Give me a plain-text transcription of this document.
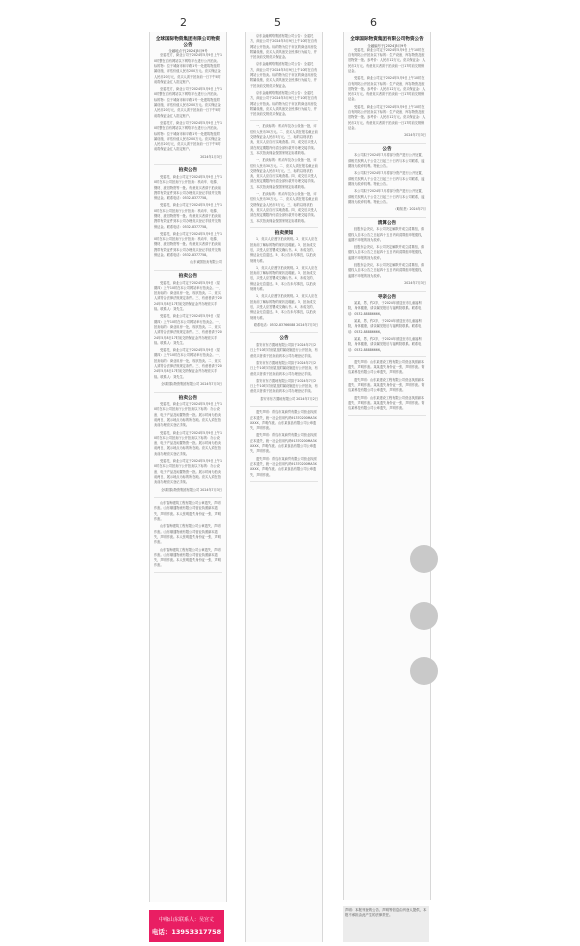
2	5	6
全球国际物资集团有限公司物资公告
全融地点于[2024]5月9号

至委托方，商业公司于2024年5月9日上午10时整在自有网站以下网络平台进行公开拍卖。标的物：位于城南市和平路1号一处建筑物及附属设施，评估价值人民币200万元。竞买保证金人民币20万元，竞买人须于拍卖前一日下午5时前将保证金汇入指定账户。

至委托方，商业公司于2024年5月9日上午10时整在自有网站以下网络平台进行公开拍卖。标的物：位于城南市和平路1号一处建筑物及附属设施，评估价值人民币200万元。竞买保证金人民币20万元，竞买人须于拍卖前一日下午5时前将保证金汇入指定账户。

至委托方，商业公司于2024年5月9日上午10时整在自有网站以下网络平台进行公开拍卖。标的物：位于城南市和平路1号一处建筑物及附属设施，评估价值人民币200万元。竞买保证金人民币20万元，竞买人须于拍卖前一日下午5时前将保证金汇入指定账户。

2024年1月3日
拍卖公告

受委托，商业公司定于2024年5月9日上午10时在本公司拍卖厅公开拍卖：机动车、电梯、钢材、废旧物资等一批。有意竞买者请于拍卖前携带有效证件到本公司办理竞买登记手续并交纳保证金。联系电话：0532-8377758。

受委托，商业公司定于2024年5月9日上午10时在本公司拍卖厅公开拍卖：机动车、电梯、钢材、废旧物资等一批。有意竞买者请于拍卖前携带有效证件到本公司办理竞买登记手续并交纳保证金。联系电话：0532-8377758。

受委托，商业公司定于2024年5月9日上午10时在本公司拍卖厅公开拍卖：机动车、电梯、钢材、废旧物资等一批。有意竞买者请于拍卖前携带有效证件到本公司办理竞买登记手续并交纳保证金。联系电话：0532-8377758。

山东诚国拍卖有限公司
拍卖公告

受委托，商业公司定于2024年5月9日（星期四）上午10时在本公司网站举行拍卖会。一、拍卖标的：商业用房一处，现状拍卖。二、竞买人须符合法律法规规定条件。三、有意者请于2024年5月8日17时前交纳保证金并办理竞买手续。联系人：刘先生。

受委托，商业公司定于2024年5月9日（星期四）上午10时在本公司网站举行拍卖会。一、拍卖标的：商业用房一处，现状拍卖。二、竞买人须符合法律法规规定条件。三、有意者请于2024年5月8日17时前交纳保证金并办理竞买手续。联系人：刘先生。

受委托，商业公司定于2024年5月9日（星期四）上午10时在本公司网站举行拍卖会。一、拍卖标的：商业用房一处，现状拍卖。二、竞买人须符合法律法规规定条件。三、有意者请于2024年5月8日17时前交纳保证金并办理竞买手续。联系人：刘先生。

全球国际物资集团有限公司 2024年7月3日
拍卖公告

受委托，商业公司定于2024年5月9日上午10时在本公司拍卖厅公开拍卖以下标的：办公设备、电子产品及闲置物资一批。展示时间为拍卖前两日，展示地点为标的所在地。竞买人须在拍卖前办理竞买登记手续。

受委托，商业公司定于2024年5月9日上午10时在本公司拍卖厅公开拍卖以下标的：办公设备、电子产品及闲置物资一批。展示时间为拍卖前两日，展示地点为标的所在地。竞买人须在拍卖前办理竞买登记手续。

受委托，商业公司定于2024年5月9日上午10时在本公司拍卖厅公开拍卖以下标的：办公设备、电子产品及闲置物资一批。展示时间为拍卖前两日，展示地点为标的所在地。竞买人须在拍卖前办理竞买登记手续。

全球国际物资集团有限公司 2024年7月3日

山东智海建筑工程有限公司公章遗失，声明作废。山东顺通物流有限公司营业执照副本遗失，声明作废。本人张明遗失身份证一张，声明作废。

山东智海建筑工程有限公司公章遗失，声明作废。山东顺通物流有限公司营业执照副本遗失，声明作废。本人张明遗失身份证一张，声明作废。

山东智海建筑工程有限公司公章遗失，声明作废。山东顺通物流有限公司营业执照副本遗失，声明作废。本人张明遗失身份证一张，声明作废。

京东金融网络集团有限公司公告：全委托方，商业公司于2024年5月9日上午10时在自有网站公开拍卖。标的物为位于市区的商业用房及附属设施，竞买人须具备完全民事行为能力，并于拍卖前交纳竞买保证金。

京东金融网络集团有限公司公告：全委托方，商业公司于2024年5月9日上午10时在自有网站公开拍卖。标的物为位于市区的商业用房及附属设施，竞买人须具备完全民事行为能力，并于拍卖前交纳竞买保证金。

京东金融网络集团有限公司公告：全委托方，商业公司于2024年5月9日上午10时在自有网站公开拍卖。标的物为位于市区的商业用房及附属设施，竞买人须具备完全民事行为能力，并于拍卖前交纳竞买保证金。

一、拍卖标的：机动车及办公设备一批，评估价人民币30万元。二、竞买人须在报名截止前交纳保证金人民币5万元。三、标的以现状拍卖，竞买人应自行实地查看。四、成交后买受人须在规定期限内付清全部价款并办理交接手续。五、本次拍卖佣金按国家规定标准收取。

一、拍卖标的：机动车及办公设备一批，评估价人民币30万元。二、竞买人须在报名截止前交纳保证金人民币5万元。三、标的以现状拍卖，竞买人应自行实地查看。四、成交后买受人须在规定期限内付清全部价款并办理交接手续。五、本次拍卖佣金按国家规定标准收取。

一、拍卖标的：机动车及办公设备一批，评估价人民币30万元。二、竞买人须在报名截止前交纳保证金人民币5万元。三、标的以现状拍卖，竞买人应自行实地查看。四、成交后买受人须在规定期限内付清全部价款并办理交接手续。五、本次拍卖佣金按国家规定标准收取。

拍卖须知

1、竞买人应遵守拍卖规则。2、竞买人应在拍卖前了解标的物的现状及瑕疵。3、拍卖成交后，买受人应签署成交确认书。4、未成交的，保证金无息退还。5、本公告未尽事宜，以拍卖规则为准。

1、竞买人应遵守拍卖规则。2、竞买人应在拍卖前了解标的物的现状及瑕疵。3、拍卖成交后，买受人应签署成交确认书。4、未成交的，保证金无息退还。5、本公告未尽事宜，以拍卖规则为准。

1、竞买人应遵守拍卖规则。2、竞买人应在拍卖前了解标的物的现状及瑕疵。3、拍卖成交后，买受人应签署成交确认书。4、未成交的，保证金无息退还。5、本公告未尽事宜，以拍卖规则为准。

联系电话：0532-83766088 2024年7月3日
公告

泰安市东方置地有限公司拟于2024年7月2日上午10时对房屋及附属设施进行公开拍卖，有意竞买者请于拍卖前到本公司办理登记手续。

泰安市东方置地有限公司拟于2024年7月2日上午10时对房屋及附属设施进行公开拍卖，有意竞买者请于拍卖前到本公司办理登记手续。

泰安市东方置地有限公司拟于2024年7月2日上午10时对房屋及附属设施进行公开拍卖，有意竞买者请于拍卖前到本公司办理登记手续。

泰安市东方置地有限公司 2024年7月2日

遗失声明：青岛市某商贸有限公司营业执照正本遗失，统一社会信用代码91370200MA3XXXXX，声明作废。山东某食品有限公司公章遗失，声明作废。

遗失声明：青岛市某商贸有限公司营业执照正本遗失，统一社会信用代码91370200MA3XXXXX，声明作废。山东某食品有限公司公章遗失，声明作废。

遗失声明：青岛市某商贸有限公司营业执照正本遗失，统一社会信用代码91370200MA3XXXXX，声明作废。山东某食品有限公司公章遗失，声明作废。

全球国际物资集团有限公司物资公告
全融编号于[2024]5月9号

受委托，商业公司定于2024年5月9日上午10时在自有网站公开拍卖以下标的：生产设备、库存物资及废旧物资一批。参考价：人民币12万元。竞买保证金：人民币2万元。有意竞买者须于拍卖前一日17时前交纳保证金。

受委托，商业公司定于2024年5月9日上午10时在自有网站公开拍卖以下标的：生产设备、库存物资及废旧物资一批。参考价：人民币12万元。竞买保证金：人民币2万元。有意竞买者须于拍卖前一日17时前交纳保证金。

受委托，商业公司定于2024年5月9日上午10时在自有网站公开拍卖以下标的：生产设备、库存物资及废旧物资一批。参考价：人民币12万元。竞买保证金：人民币2万元。有意竞买者须于拍卖前一日17时前交纳保证金。

2024年7月3日
公告

本公司拟于2024年7月将部分资产进行公开处置，请相关权利人于公告之日起三十日内与本公司联系，逾期视为放弃权利。特此公告。

本公司拟于2024年7月将部分资产进行公开处置，请相关权利人于公告之日起三十日内与本公司联系，逾期视为放弃权利。特此公告。

本公司拟于2024年7月将部分资产进行公开处置，请相关权利人于公告之日起三十日内与本公司联系，逾期视为放弃权利。特此公告。

（略知悉）2024年7月
清算公告

经股东会决议，本公司决定解散并成立清算组，请债权人自本公告之日起四十五日内向清算组申报债权，逾期不申报的视为放弃。

经股东会决议，本公司决定解散并成立清算组，请债权人自本公告之日起四十五日内向清算组申报债权，逾期不申报的视为放弃。

经股东会决议，本公司决定解散并成立清算组，请债权人自本公告之日起四十五日内向清算组申报债权，逾期不申报的视为放弃。

2024年7月3日
寻亲公告

某某，男，约2岁，于2024年被送至市儿童福利院，身体健康，请亲属见报后与福利院联系。联系电话：0532-88886666。

某某，男，约2岁，于2024年被送至市儿童福利院，身体健康，请亲属见报后与福利院联系。联系电话：0532-88886666。

某某，男，约2岁，于2024年被送至市儿童福利院，身体健康，请亲属见报后与福利院联系。联系电话：0532-88886666。

遗失声明：山东某建设工程有限公司营业执照副本遗失，声明作废。某某遗失身份证一张，声明作废。青岛某科技有限公司公章遗失，声明作废。

遗失声明：山东某建设工程有限公司营业执照副本遗失，声明作废。某某遗失身份证一张，声明作废。青岛某科技有限公司公章遗失，声明作废。

遗失声明：山东某建设工程有限公司营业执照副本遗失，声明作废。某某遗失身份证一张，声明作废。青岛某科技有限公司公章遗失，声明作废。

中缘山东联系人：吴宫丈
电话：13953317758
声明：本报刊登的公告、声明等信息由刊登人提供，本报不承担由此产生的法律责任。
